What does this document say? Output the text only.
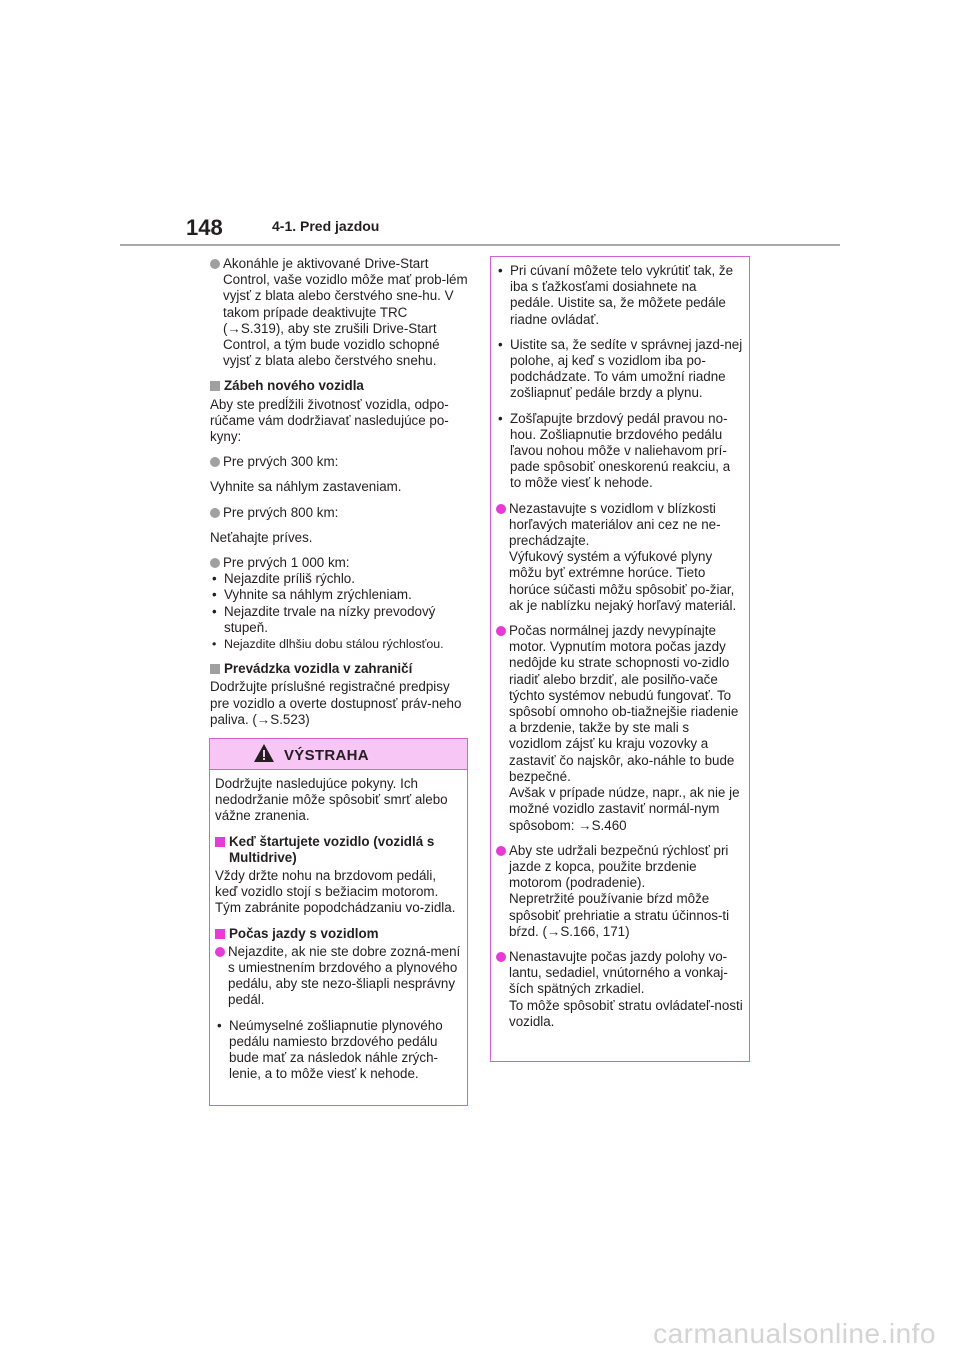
148	4-1. Pred jazdou
Akonáhle je aktivované Drive-Start Control, vaše vozidlo môže mať prob-lém vyjsť z blata alebo čerstvého sne-hu. V takom prípade deaktivujte TRC (→S.319), aby ste zrušili Drive-Start Control, a tým bude vozidlo schopné vyjsť z blata alebo čerstvého snehu.
Zábeh nového vozidla
Aby ste predĺžili životnosť vozidla, odpo-rúčame vám dodržiavať nasledujúce po-kyny:
Pre prvých 300 km:
Vyhnite sa náhlym zastaveniam.
Pre prvých 800 km:
Neťahajte príves.
Pre prvých 1 000 km:
• Nejazdite príliš rýchlo.
• Vyhnite sa náhlym zrýchleniam.
• Nejazdite trvale na nízky prevodový stupeň.
• Nejazdite dlhšiu dobu stálou rýchlosťou.
Prevádzka vozidla v zahraničí
Dodržujte príslušné registračné predpisy pre vozidlo a overte dostupnosť práv-neho paliva. (→S.523)
VÝSTRAHA
Dodržujte nasledujúce pokyny. Ich nedodržanie môže spôsobiť smrť alebo vážne zranenia.
Keď štartujete vozidlo (vozidlá s Multidrive)
Vždy držte nohu na brzdovom pedáli, keď vozidlo stojí s bežiacim motorom. Tým zabránite popodchádzaniu vo-zidla.
Počas jazdy s vozidlom
Nejazdite, ak nie ste dobre zozná-mení s umiestnením brzdového a plynového pedálu, aby ste nezo-šliapli nesprávny pedál.
• Neúmyselné zošliapnutie plynového pedálu namiesto brzdového pedálu bude mať za následok náhle zrých-lenie, a to môže viesť k nehode.
• Pri cúvaní môžete telo vykrútiť tak, že iba s ťažkosťami dosiahnete na pedále. Uistite sa, že môžete pedále riadne ovládať.
• Uistite sa, že sedíte v správnej jazd-nej polohe, aj keď s vozidlom iba po-podchádzate. To vám umožní riadne zošliapnuť pedále brzdy a plynu.
• Zošľapujte brzdový pedál pravou no-hou. Zošliapnutie brzdového pedálu ľavou nohou môže v naliehavom prí-pade spôsobiť oneskorenú reakciu, a to môže viesť k nehode.
Nezastavujte s vozidlom v blízkosti horľavých materiálov ani cez ne ne-prechádzajte.
Výfukový systém a výfukové plyny môžu byť extrémne horúce. Tieto horúce súčasti môžu spôsobiť po-žiar, ak je nablízku nejaký horľavý materiál.
Počas normálnej jazdy nevypínajte motor. Vypnutím motora počas jazdy nedôjde ku strate schopnosti vo-zidlo riadiť alebo brzdiť, ale posilňo-vače týchto systémov nebudú fungovať. To spôsobí omnoho ob-tiažnejšie riadenie a brzdenie, takže by ste mali s vozidlom zájsť ku kraju vozovky a zastaviť čo najskôr, ako-náhle to bude bezpečné.
Avšak v prípade núdze, napr., ak nie je možné vozidlo zastaviť normál-nym spôsobom: →S.460
Aby ste udržali bezpečnú rýchlosť pri jazde z kopca, použite brzdenie motorom (podradenie).
Nepretržité používanie bŕzd môže spôsobiť prehriatie a stratu účinnos-ti bŕzd. (→S.166, 171)
Nenastavujte počas jazdy polohy vo-lantu, sedadiel, vnútorného a vonkaj-ších spätných zrkadiel.
To môže spôsobiť stratu ovládateľ-nosti vozidla.
carmanualsonline.info
